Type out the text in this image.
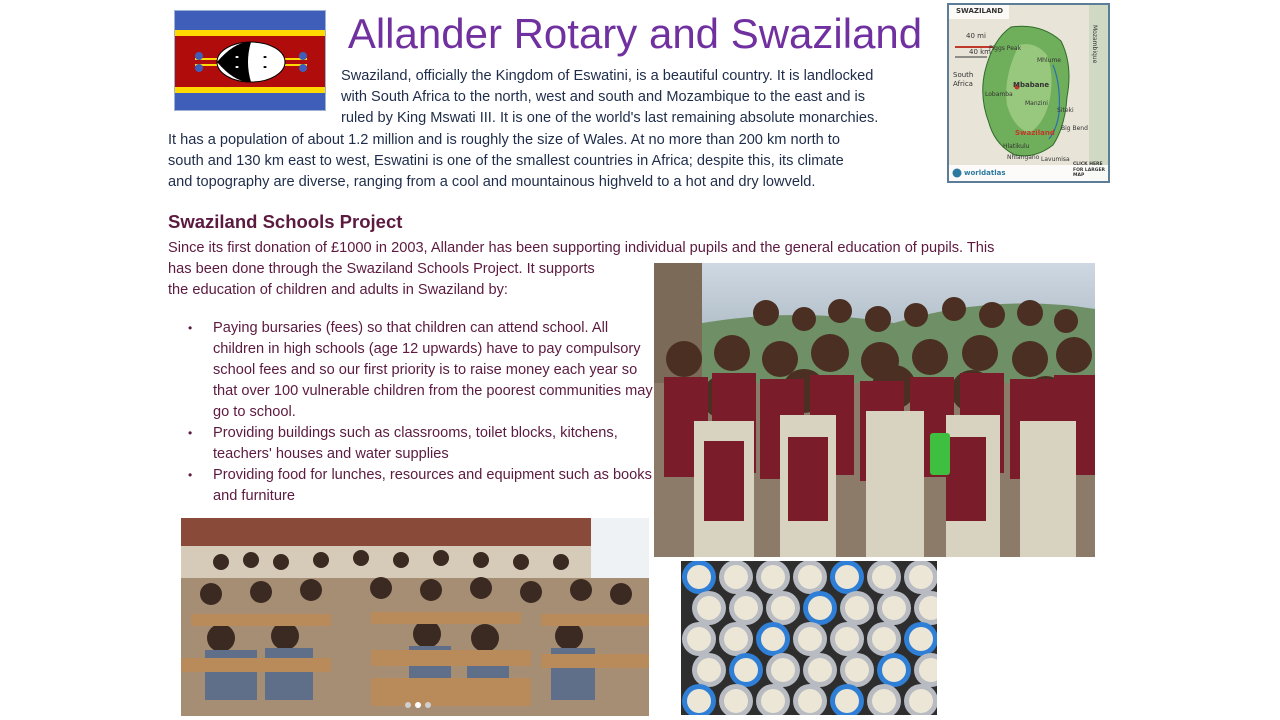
Allander Rotary and Swaziland	SWAZILAND
40 mi
40 km
South Africa
Mozambique
Piggs Peak
Mhlume
Mbabane
Lobamba
Manzini
Siteki
Swaziland
Big Bend
Hlatikulu
Nhlangano Lavumisa
worldatlas
CLICK HERE FOR LARGER MAP
Swaziland, officially the Kingdom of Eswatini, is a beautiful country. It is landlocked
with South Africa to the north, west and south and Mozambique to the east and is
ruled by King Mswati III. It is one of the world's last remaining absolute monarchies.
It has a population of about 1.2 million and is roughly the size of Wales. At no more than 200 km north to
south and 130 km east to west, Eswatini is one of the smallest countries in Africa; despite this, its climate
and topography are diverse, ranging from a cool and mountainous highveld to a hot and dry lowveld.
Swaziland Schools Project
Since its first donation of £1000 in 2003, Allander has been supporting individual pupils and the general education of pupils. This
has been done through the Swaziland Schools Project. It supports
the education of children and adults in Swaziland by:
• Paying bursaries (fees) so that children can attend school. All children in high schools (age 12 upwards) have to pay compulsory school fees and so our first priority is to raise money each year so that over 100 vulnerable children from the poorest communities may go to school.
• Providing buildings such as classrooms, toilet blocks, kitchens, teachers' houses and water supplies
• Providing food for lunches, resources and equipment such as books and furniture
